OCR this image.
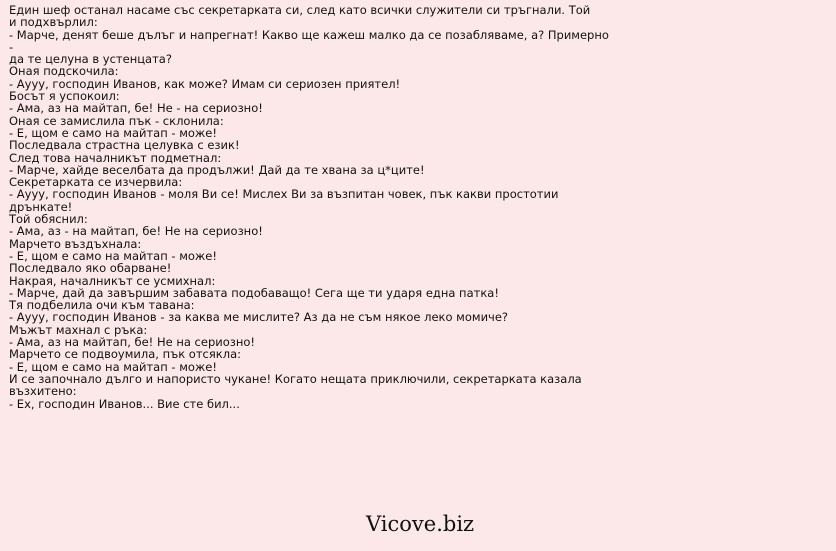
Един шеф останал насаме със секретарката си, след като всички служители си тръгнали. Той
и подхвърлил:
- Марче, денят беше дълъг и напрегнат! Какво ще кажеш малко да се позабляваме, а? Примерно -
да те целуна в устенцата?
Оная подскочила:
- Аууу, господин Иванов, как може? Имам си сериозен приятел!
Босът я успокоил:
- Ама, аз на майтап, бе! Не - на сериозно!
Оная се замислила пък - склонила:
- Е, щом е само на майтап - може!
Последвала страстна целувка с език!
След това началникът подметнал:
- Марче, хайде веселбата да продължи! Дай да те хвана за ц*ците!
Секретарката се изчервила:
- Аууу, господин Иванов - моля Ви се! Мислех Ви за възпитан човек, пък какви простотии
дрънкате!
Той обяснил:
- Ама, аз - на майтап, бе! Не на сериозно!
Марчето въздъхнала:
- Е, щом е само на майтап - може!
Последвало яко обарване!
Накрая, началникът се усмихнал:
- Марче, дай да завършим забавата подобаващо! Сега ще ти ударя една патка!
Тя подбелила очи към тавана:
- Аууу, господин Иванов - за каква ме мислите? Аз да не съм някое леко момиче?
Мъжът махнал с ръка:
- Ама, аз на майтап, бе! Не на сериозно!
Марчето се подвоумила, пък отсякла:
- Е, щом е само на майтап - може!
И се започнало дълго и напористо чукане! Когато нещата приключили, секретарката казала
възхитено:
- Ех, господин Иванов... Вие сте бил...
Vicove.biz
